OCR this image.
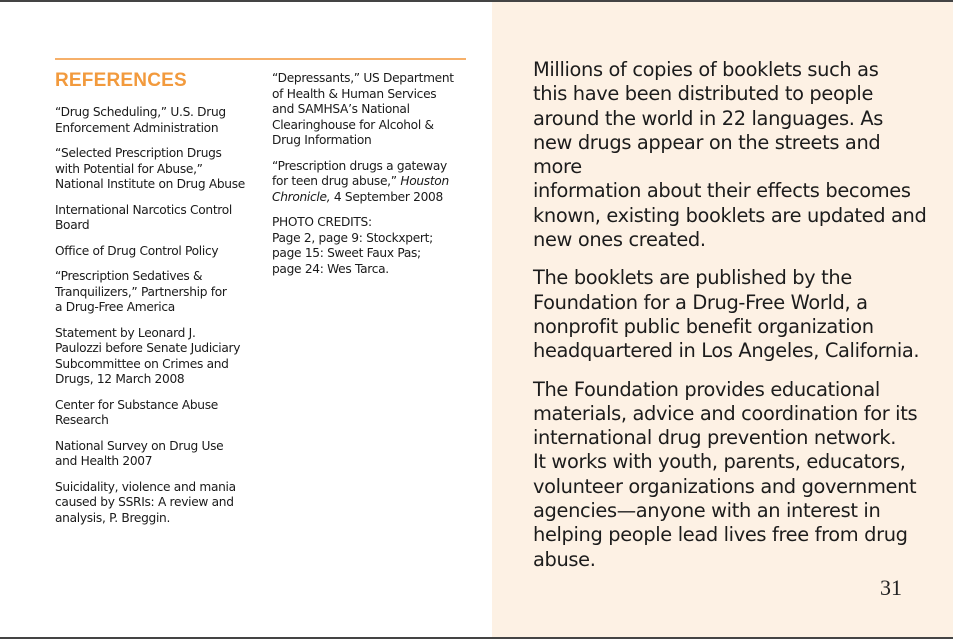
REFERENCES

“Drug Scheduling,” U.S. Drug
Enforcement Administration

“Selected Prescription Drugs
with Potential for Abuse,”
National Institute on Drug Abuse

International Narcotics Control
Board

Office of Drug Control Policy

“Prescription Sedatives &
Tranquilizers,” Partnership for
a Drug-Free America

Statement by Leonard J.
Paulozzi before Senate Judiciary
Subcommittee on Crimes and
Drugs, 12 March 2008

Center for Substance Abuse
Research

National Survey on Drug Use
and Health 2007

Suicidality, violence and mania
caused by SSRIs: A review and
analysis, P. Breggin.

“Depressants,” US Department
of Health & Human Services
and SAMHSA’s National
Clearinghouse for Alcohol &
Drug Information

“Prescription drugs a gateway
for teen drug abuse,” Houston
Chronicle, 4 September 2008

PHOTO CREDITS:
Page 2, page 9: Stockxpert;
page 15: Sweet Faux Pas;
page 24: Wes Tarca.

Millions of copies of booklets such as
this have been distributed to people
around the world in 22 languages. As
new drugs appear on the streets and more
information about their effects becomes
known, existing booklets are updated and
new ones created.

The booklets are published by the
Foundation for a Drug-Free World, a
nonprofit public benefit organization
headquartered in Los Angeles, California.

The Foundation provides educational
materials, advice and coordination for its
international drug prevention network.
It works with youth, parents, educators,
volunteer organizations and government
agencies—anyone with an interest in
helping people lead lives free from drug
abuse.

31
